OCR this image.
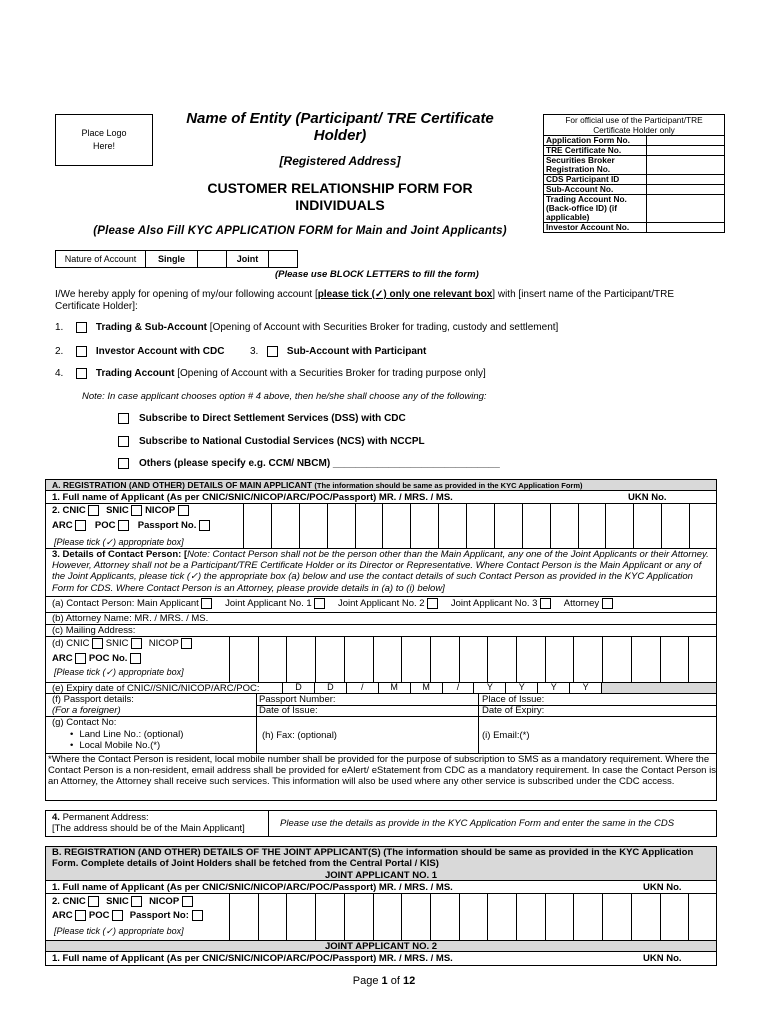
Place Logo Here!
Name of Entity (Participant/ TRE Certificate Holder)
[Registered Address]
CUSTOMER RELATIONSHIP FORM FOR INDIVIDUALS
(Please Also Fill KYC APPLICATION FORM for Main and Joint Applicants)
For official use of the Participant/TRE Certificate Holder only	
Application Form No.	
TRE Certificate No.	
Securities Broker Registration No.	
CDS Participant ID	
Sub-Account No.	
Trading Account No. (Back-office ID) (if applicable)	
Investor Account No.	
Nature of Account	Single		Joint	
(Please use BLOCK LETTERS to fill the form)
I/We hereby apply for opening of my/our following account [please tick (✓) only one relevant box] with [insert name of the Participant/TRE Certificate Holder]:
1.	Trading & Sub-Account [Opening of Account with Securities Broker for trading, custody and settlement]
2.	Investor Account with CDC	3.	Sub-Account with Participant
4.	Trading Account [Opening of Account with a Securities Broker for trading purpose only]
Note: In case applicant chooses option # 4 above, then he/she shall choose any of the following:
Subscribe to Direct Settlement Services (DSS) with CDC
Subscribe to National Custodial Services (NCS) with NCCPL
Others (please specify e.g. CCM/ NBCM) ______________________________
A. REGISTRATION (AND OTHER) DETAILS OF MAIN APPLICANT (The information should be same as provided in the KYC Application Form)
1. Full name of Applicant (As per CNIC/SNIC/NICOP/ARC/POC/Passport) MR. / MRS. / MS.	UKN No.
2. CNIC SNIC NICOP
ARC POC Passport No.
[Please tick (✓) appropriate box]
3. Details of Contact Person: [Note: Contact Person shall not be the person other than the Main Applicant, any one of the Joint Applicants or their Attorney. However, Attorney shall not be a Participant/TRE Certificate Holder or its Director or Representative. Where Contact Person is the Main Applicant or any of the Joint Applicants, please tick (✓) the appropriate box (a) below and use the contact details of such Contact Person as provided in the KYC Application Form for CDS. Where Contact Person is an Attorney, please provide details in (a) to (i) below]
(a) Contact Person: Main Applicant	Joint Applicant No. 1	Joint Applicant No. 2	Joint Applicant No. 3	Attorney
(b) Attorney Name: MR. / MRS. / MS.
(c) Mailing Address:
(d) CNIC SNIC NICOP
ARC POC No.
[Please tick (✓) appropriate box]
(e) Expiry date of CNIC//SNIC/NICOP/ARC/POC:	D	D	/	M	M	/	Y	Y	Y	Y
(f) Passport details:
(For a foreigner)
Passport Number:
Date of Issue:
Place of Issue:
Date of Expiry:
(g) Contact No:
• Land Line No.: (optional)
• Local Mobile No.(*)
(h) Fax: (optional)	(i) Email:(*)
*Where the Contact Person is resident, local mobile number shall be provided for the purpose of subscription to SMS as a mandatory requirement. Where the Contact Person is a non-resident, email address shall be provided for eAlert/ eStatement from CDC as a mandatory requirement. In case the Contact Person is an Attorney, the Attorney shall receive such services. This information will also be used where any other service is subscribed under the CDC access.
4. Permanent Address:
[The address should be of the Main Applicant]	Please use the details as provide in the KYC Application Form and enter the same in the CDS
B. REGISTRATION (AND OTHER) DETAILS OF THE JOINT APPLICANT(S) (The information should be same as provided in the KYC Application Form. Complete details of Joint Holders shall be fetched from the Central Portal / KIS)
JOINT APPLICANT NO. 1
1. Full name of Applicant (As per CNIC/SNIC/NICOP/ARC/POC/Passport) MR. / MRS. / MS.	UKN No.
2. CNIC SNIC NICOP
ARC POC Passport No:
[Please tick (✓) appropriate box]
JOINT APPLICANT NO. 2
1. Full name of Applicant (As per CNIC/SNIC/NICOP/ARC/POC/Passport) MR. / MRS. / MS.	UKN No.
Page 1 of 12
